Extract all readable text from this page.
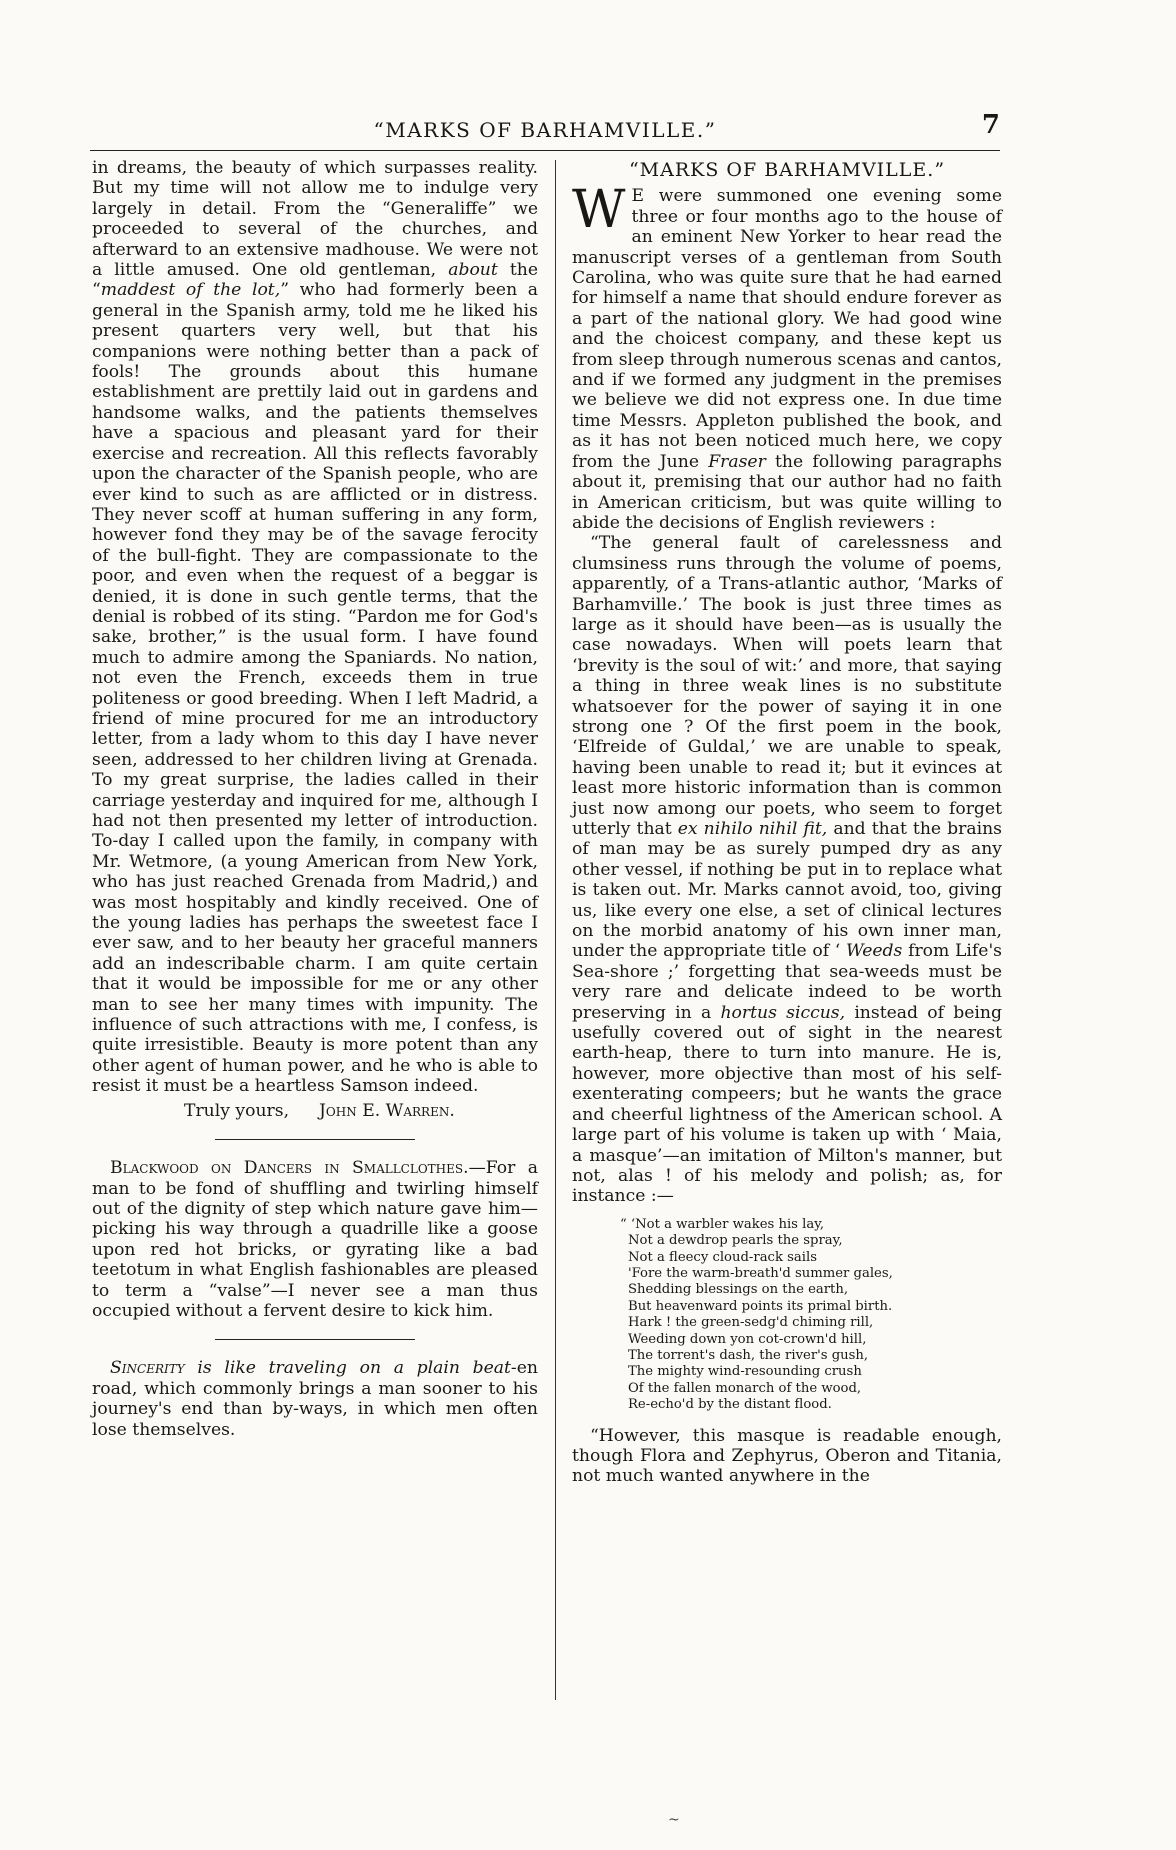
“MARKS OF BARHAMVILLE.”	7

in dreams, the beauty of which surpasses reality. But my time will not allow me to indulge very largely in detail. From the “Generaliffe” we proceeded to several of the churches, and afterward to an extensive madhouse. We were not a little amused. One old gentleman, about the “maddest of the lot,” who had formerly been a general in the Spanish army, told me he liked his present quarters very well, but that his companions were nothing better than a pack of fools! The grounds about this humane establishment are prettily laid out in gardens and handsome walks, and the patients themselves have a spacious and pleasant yard for their exercise and recreation. All this reflects favorably upon the character of the Spanish people, who are ever kind to such as are afflicted or in distress. They never scoff at human suffering in any form, however fond they may be of the savage ferocity of the bull-fight. They are compassionate to the poor, and even when the request of a beggar is denied, it is done in such gentle terms, that the denial is robbed of its sting. “Pardon me for God's sake, brother,” is the usual form. I have found much to admire among the Spaniards. No nation, not even the French, exceeds them in true politeness or good breeding. When I left Madrid, a friend of mine procured for me an introductory letter, from a lady whom to this day I have never seen, addressed to her children living at Grenada. To my great surprise, the ladies called in their carriage yesterday and inquired for me, although I had not then presented my letter of introduction. To-day I called upon the family, in company with Mr. Wetmore, (a young American from New York, who has just reached Grenada from Madrid,) and was most hospitably and kindly received. One of the young ladies has perhaps the sweetest face I ever saw, and to her beauty her graceful manners add an indescribable charm. I am quite certain that it would be impossible for me or any other man to see her many times with impunity. The influence of such attractions with me, I confess, is quite irresistible. Beauty is more potent than any other agent of human power, and he who is able to resist it must be a heartless Samson indeed.

Truly yours, John E. Warren.

Blackwood on Dancers in Smallclothes.—For a man to be fond of shuffling and twirling himself out of the dignity of step which nature gave him—picking his way through a quadrille like a goose upon red hot bricks, or gyrating like a bad teetotum in what English fashionables are pleased to term a “valse”—I never see a man thus occupied without a fervent desire to kick him.

Sincerity is like traveling on a plain beat-en road, which commonly brings a man sooner to his journey's end than by-ways, in which men often lose themselves.

“MARKS OF BARHAMVILLE.”

W E were summoned one evening some three or four months ago to the house of an eminent New Yorker to hear read the manuscript verses of a gentleman from South Carolina, who was quite sure that he had earned for himself a name that should endure forever as a part of the national glory. We had good wine and the choicest company, and these kept us from sleep through numerous scenas and cantos, and if we formed any judgment in the premises we believe we did not express one. In due time time Messrs. Appleton published the book, and as it has not been noticed much here, we copy from the June Fraser the following paragraphs about it, premising that our author had no faith in American criticism, but was quite willing to abide the decisions of English reviewers :

“The general fault of carelessness and clumsiness runs through the volume of poems, apparently, of a Trans-atlantic author, ‘Marks of Barhamville.’ The book is just three times as large as it should have been—as is usually the case nowadays. When will poets learn that ‘brevity is the soul of wit:’ and more, that saying a thing in three weak lines is no substitute whatsoever for the power of saying it in one strong one ? Of the first poem in the book, ‘Elfreide of Guldal,’ we are unable to speak, having been unable to read it; but it evinces at least more historic information than is common just now among our poets, who seem to forget utterly that ex nihilo nihil fit, and that the brains of man may be as surely pumped dry as any other vessel, if nothing be put in to replace what is taken out. Mr. Marks cannot avoid, too, giving us, like every one else, a set of clinical lectures on the morbid anatomy of his own inner man, under the appropriate title of ‘ Weeds from Life's Sea-shore ;’ forgetting that sea-weeds must be very rare and delicate indeed to be worth preserving in a hortus siccus, instead of being usefully covered out of sight in the nearest earth-heap, there to turn into manure. He is, however, more objective than most of his self-exenterating compeers; but he wants the grace and cheerful lightness of the American school. A large part of his volume is taken up with ‘ Maia, a masque’—an imitation of Milton's manner, but not, alas ! of his melody and polish; as, for instance :—

“ ‘Not a warbler wakes his lay,
Not a dewdrop pearls the spray,
Not a fleecy cloud-rack sails
'Fore the warm-breath'd summer gales,
Shedding blessings on the earth,
But heavenward points its primal birth.
Hark ! the green-sedg'd chiming rill,
Weeding down yon cot-crown'd hill,
The torrent's dash, the river's gush,
The mighty wind-resounding crush
Of the fallen monarch of the wood,
Re-echo'd by the distant flood.

“However, this masque is readable enough, though Flora and Zephyrus, Oberon and Titania, not much wanted anywhere in the

~
